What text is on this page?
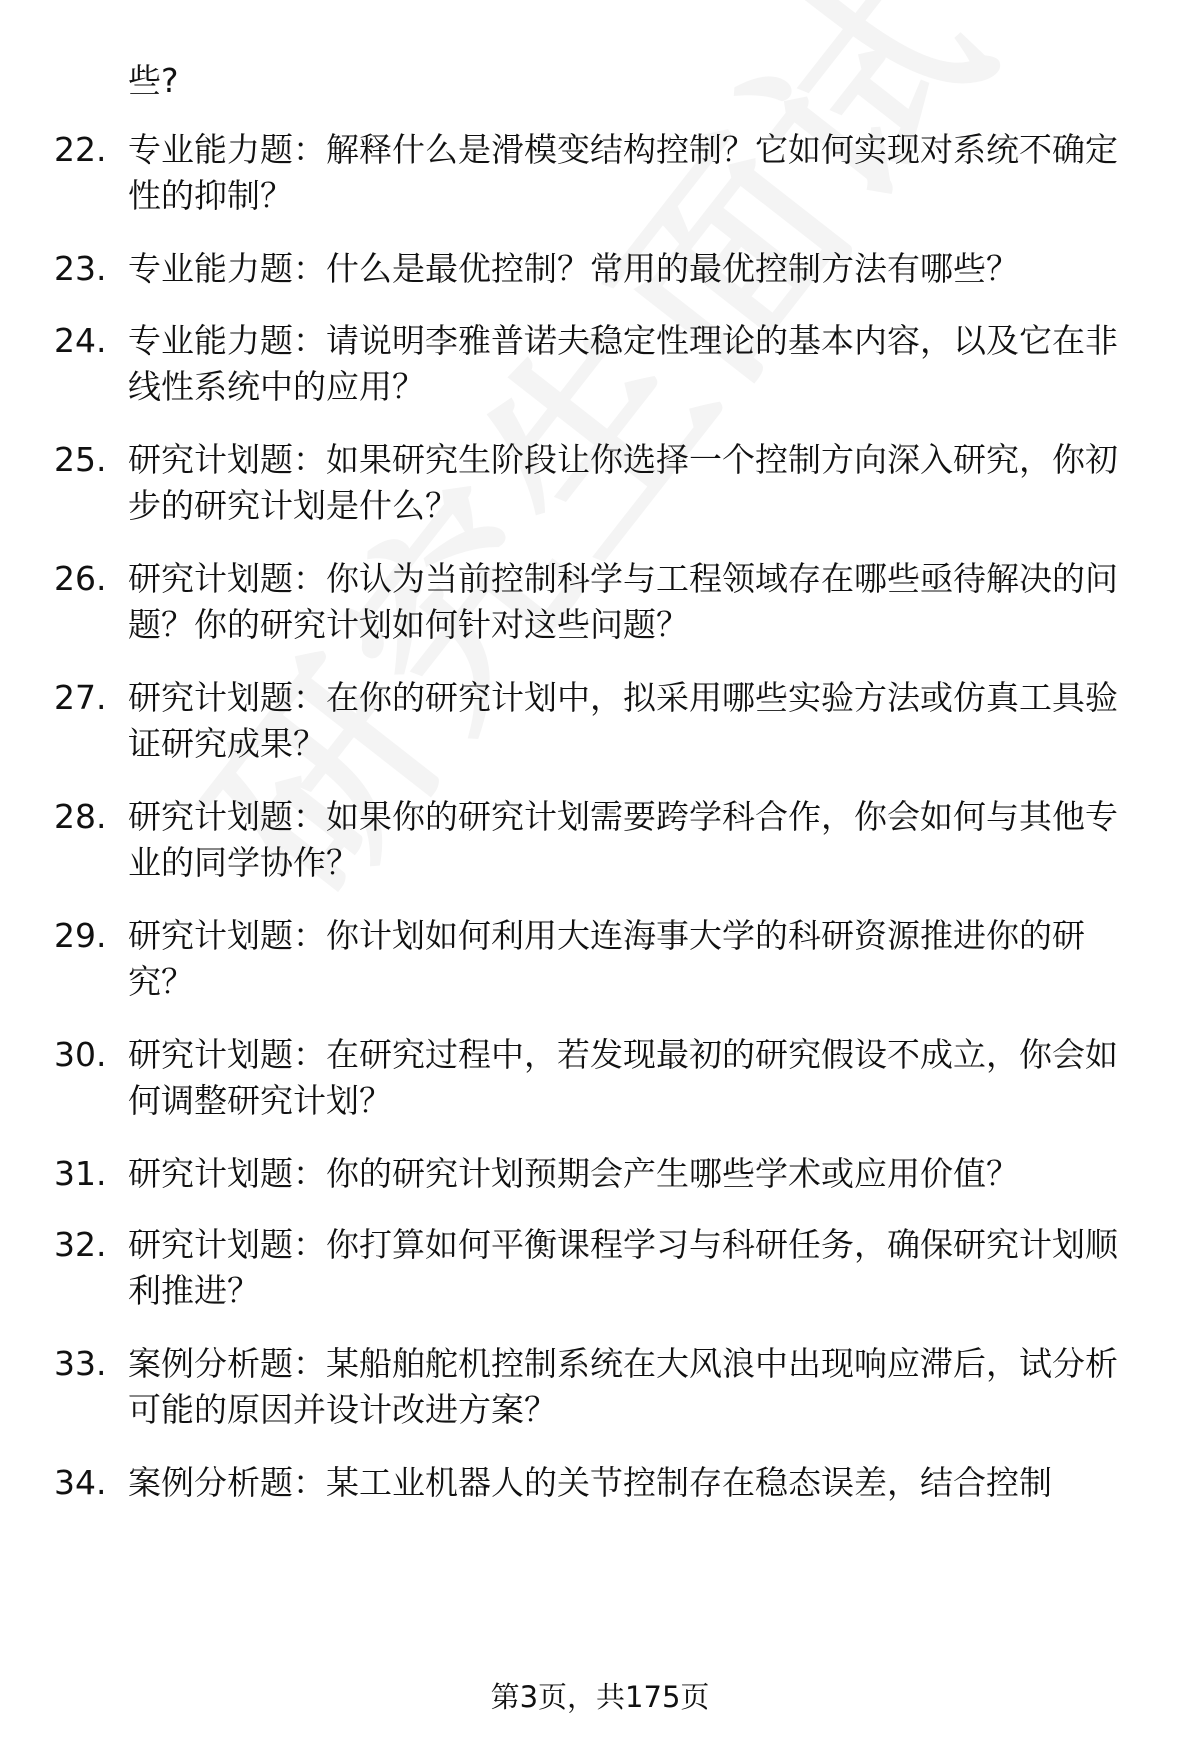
些?
22. 专业能力题：解释什么是滑模变结构控制？它如何实现对系统不确定性的抑制？
23. 专业能力题：什么是最优控制？常用的最优控制方法有哪些？
24. 专业能力题：请说明李雅普诺夫稳定性理论的基本内容，以及它在非线性系统中的应用？
25. 研究计划题：如果研究生阶段让你选择一个控制方向深入研究，你初步的研究计划是什么？
26. 研究计划题：你认为当前控制科学与工程领域存在哪些亟待解决的问题？你的研究计划如何针对这些问题？
27. 研究计划题：在你的研究计划中，拟采用哪些实验方法或仿真工具验证研究成果？
28. 研究计划题：如果你的研究计划需要跨学科合作，你会如何与其他专业的同学协作？
29. 研究计划题：你计划如何利用大连海事大学的科研资源推进你的研究？
30. 研究计划题：在研究过程中，若发现最初的研究假设不成立，你会如何调整研究计划？
31. 研究计划题：你的研究计划预期会产生哪些学术或应用价值？
32. 研究计划题：你打算如何平衡课程学习与科研任务，确保研究计划顺利推进？
33. 案例分析题：某船舶舵机控制系统在大风浪中出现响应滞后，试分析可能的原因并设计改进方案？
34. 案例分析题：某工业机器人的关节控制存在稳态误差，结合控制
第3页，共175页
